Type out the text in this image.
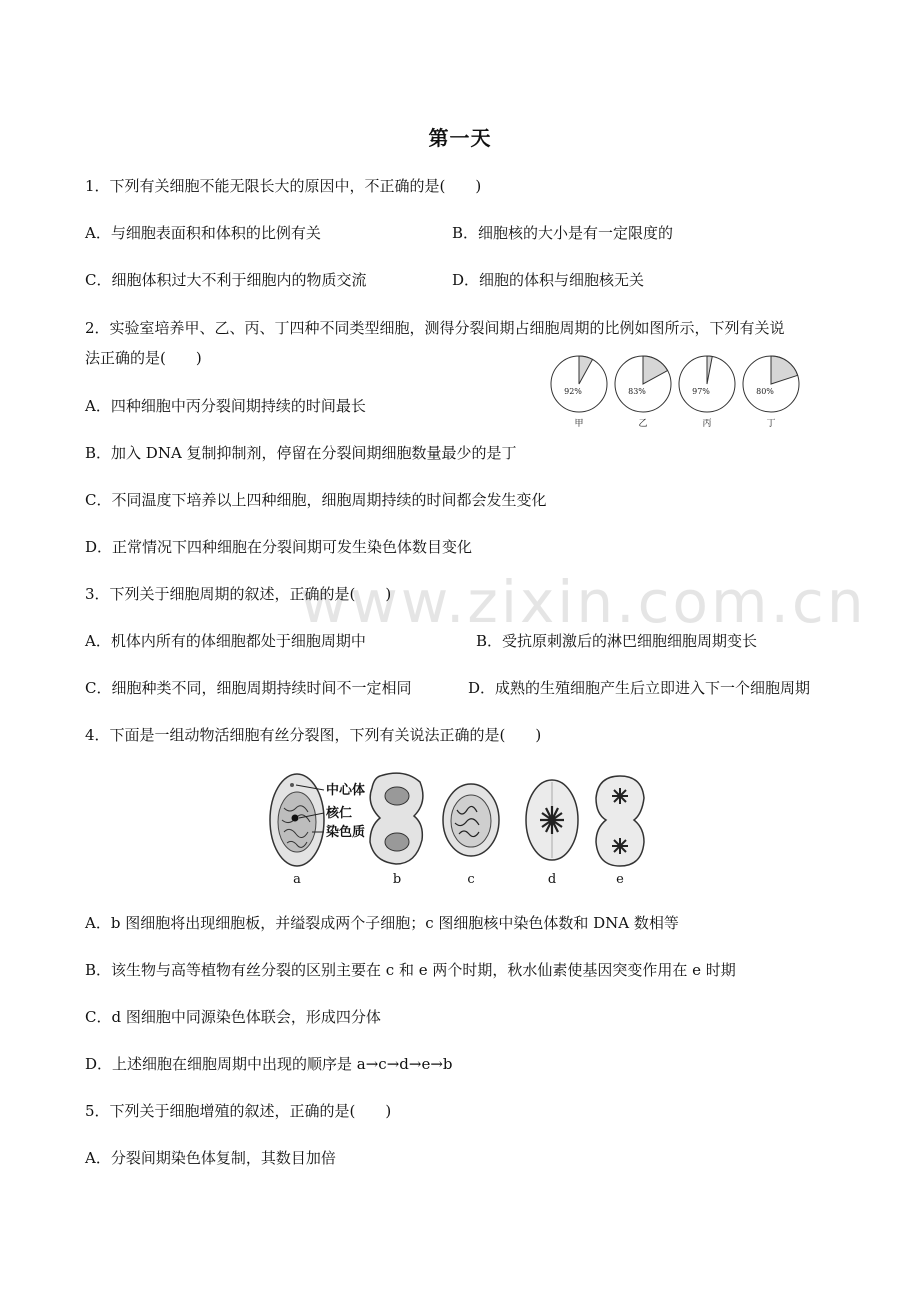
www.zixin.com.cn
第一天
1．下列有关细胞不能无限长大的原因中，不正确的是(　　)
A．与细胞表面积和体积的比例有关	B．细胞核的大小是有一定限度的
C．细胞体积过大不利于细胞内的物质交流	D．细胞的体积与细胞核无关
2．实验室培养甲、乙、丙、丁四种不同类型细胞，测得分裂间期占细胞周期的比例如图所示，下列有关说
法正确的是(　　)
92%
甲
83%
乙
97%
丙
80%
丁
A．四种细胞中丙分裂间期持续的时间最长
B．加入 DNA 复制抑制剂，停留在分裂间期细胞数量最少的是丁
C．不同温度下培养以上四种细胞，细胞周期持续的时间都会发生变化
D．正常情况下四种细胞在分裂间期可发生染色体数目变化
3．下列关于细胞周期的叙述，正确的是(　　)
A．机体内所有的体细胞都处于细胞周期中	B．受抗原刺激后的淋巴细胞细胞周期变长
C．细胞种类不同，细胞周期持续时间不一定相同	D．成熟的生殖细胞产生后立即进入下一个细胞周期
4．下面是一组动物活细胞有丝分裂图，下列有关说法正确的是(　　)
中心体
核仁
染色质
a	b	c	d	e
A．b 图细胞将出现细胞板，并缢裂成两个子细胞；c 图细胞核中染色体数和 DNA 数相等
B．该生物与高等植物有丝分裂的区别主要在 c 和 e 两个时期，秋水仙素使基因突变作用在 e 时期
C．d 图细胞中同源染色体联会，形成四分体
D．上述细胞在细胞周期中出现的顺序是 a→c→d→e→b
5．下列关于细胞增殖的叙述，正确的是(　　)
A．分裂间期染色体复制，其数目加倍
